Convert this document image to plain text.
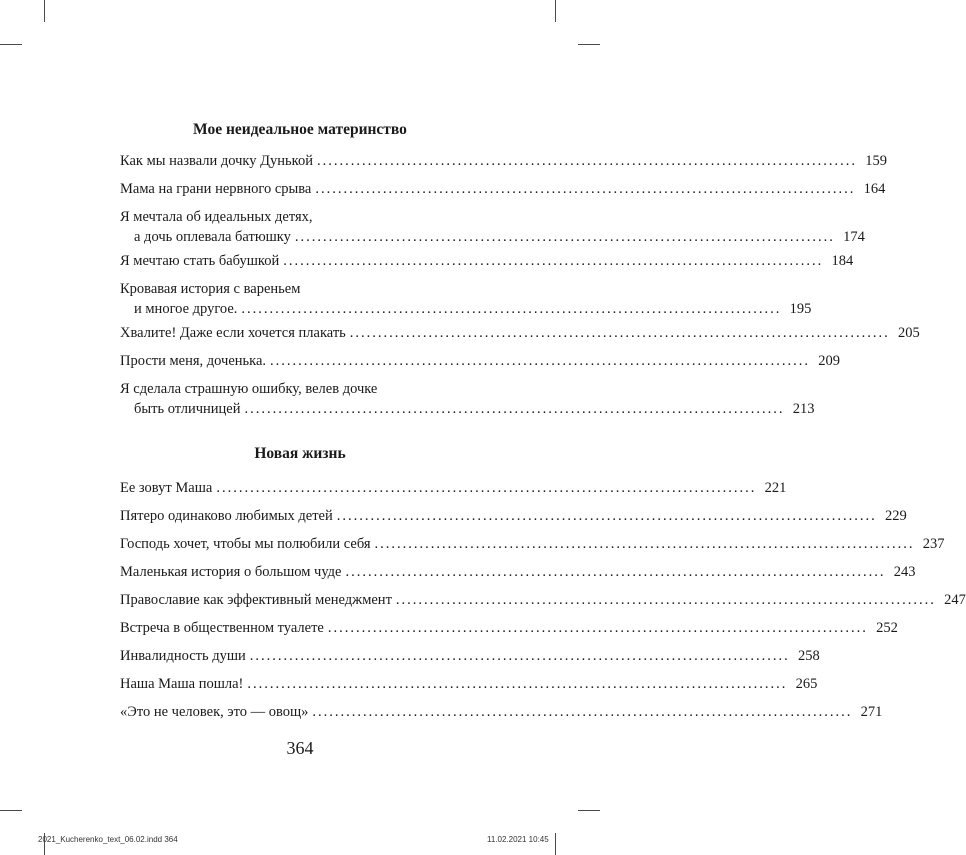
Мое неидеальное материнство
Как мы назвали дочку Дунькой ................................................................................................ 159
Мама на грани нервного срыва ................................................................................................ 164
Я мечтала об идеальных детях,
а дочь оплевала батюшку ................................................................................................ 174
Я мечтаю стать бабушкой ................................................................................................ 184
Кровавая история с вареньем
и многое другое. ................................................................................................ 195
Хвалите! Даже если хочется плакать ................................................................................................ 205
Прости меня, доченька. ................................................................................................ 209
Я сделала страшную ошибку, велев дочке
быть отличницей ................................................................................................ 213
Новая жизнь
Ее зовут Маша ................................................................................................ 221
Пятеро одинаково любимых детей ................................................................................................ 229
Господь хочет, чтобы мы полюбили себя ................................................................................................ 237
Маленькая история о большом чуде ................................................................................................ 243
Православие как эффективный менеджмент ................................................................................................ 247
Встреча в общественном туалете ................................................................................................ 252
Инвалидность души ................................................................................................ 258
Наша Маша пошла! ................................................................................................ 265
«Это не человек, это — овощ» ................................................................................................ 271
364
2021_Kucherenko_text_06.02.indd 364	11.02.2021 10:45
